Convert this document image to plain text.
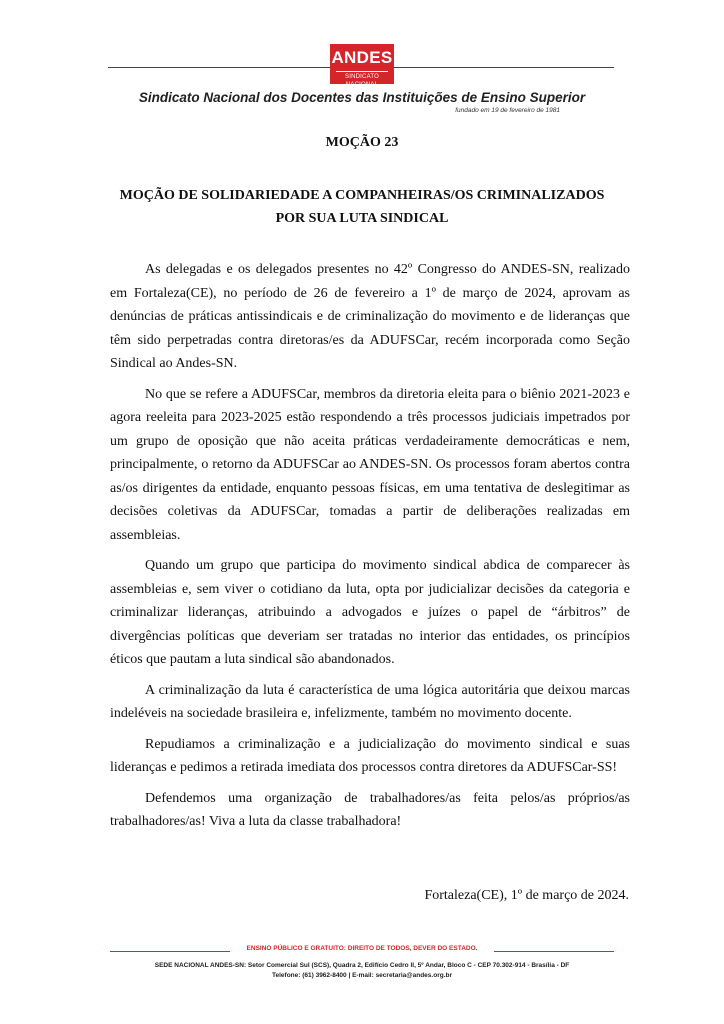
ANDES
SINDICATO NACIONAL
Sindicato Nacional dos Docentes das Instituições de Ensino Superior
fundado em 19 de fevereiro de 1981
MOÇÃO 23
MOÇÃO DE SOLIDARIEDADE A COMPANHEIRAS/OS CRIMINALIZADOS
POR SUA LUTA SINDICAL

As delegadas e os delegados presentes no 42º Congresso do ANDES-SN, realizado em Fortaleza(CE), no período de 26 de fevereiro a 1º de março de 2024, aprovam as denúncias de práticas antissindicais e de criminalização do movimento e de lideranças que têm sido perpetradas contra diretoras/es da ADUFSCar, recém incorporada como Seção Sindical ao Andes-SN.

No que se refere a ADUFSCar, membros da diretoria eleita para o biênio 2021-2023 e agora reeleita para 2023-2025 estão respondendo a três processos judiciais impetrados por um grupo de oposição que não aceita práticas verdadeiramente democráticas e nem, principalmente, o retorno da ADUFSCar ao ANDES-SN. Os processos foram abertos contra as/os dirigentes da entidade, enquanto pessoas físicas, em uma tentativa de deslegitimar as decisões coletivas da ADUFSCar, tomadas a partir de deliberações realizadas em assembleias.

Quando um grupo que participa do movimento sindical abdica de comparecer às assembleias e, sem viver o cotidiano da luta, opta por judicializar decisões da categoria e criminalizar lideranças, atribuindo a advogados e juízes o papel de “árbitros” de divergências políticas que deveriam ser tratadas no interior das entidades, os princípios éticos que pautam a luta sindical são abandonados.

A criminalização da luta é característica de uma lógica autoritária que deixou marcas indeléveis na sociedade brasileira e, infelizmente, também no movimento docente.

Repudiamos a criminalização e a judicialização do movimento sindical e suas lideranças e pedimos a retirada imediata dos processos contra diretores da ADUFSCar-SS!

Defendemos uma organização de trabalhadores/as feita pelos/as próprios/as trabalhadores/as! Viva a luta da classe trabalhadora!

Fortaleza(CE), 1º de março de 2024.
ENSINO PÚBLICO E GRATUITO: DIREITO DE TODOS, DEVER DO ESTADO.
SEDE NACIONAL ANDES-SN: Setor Comercial Sul (SCS), Quadra 2, Edifício Cedro II, 5º Andar, Bloco C - CEP 70.302-914 - Brasília - DF
Telefone: (61) 3962-8400 | E-mail: secretaria@andes.org.br
